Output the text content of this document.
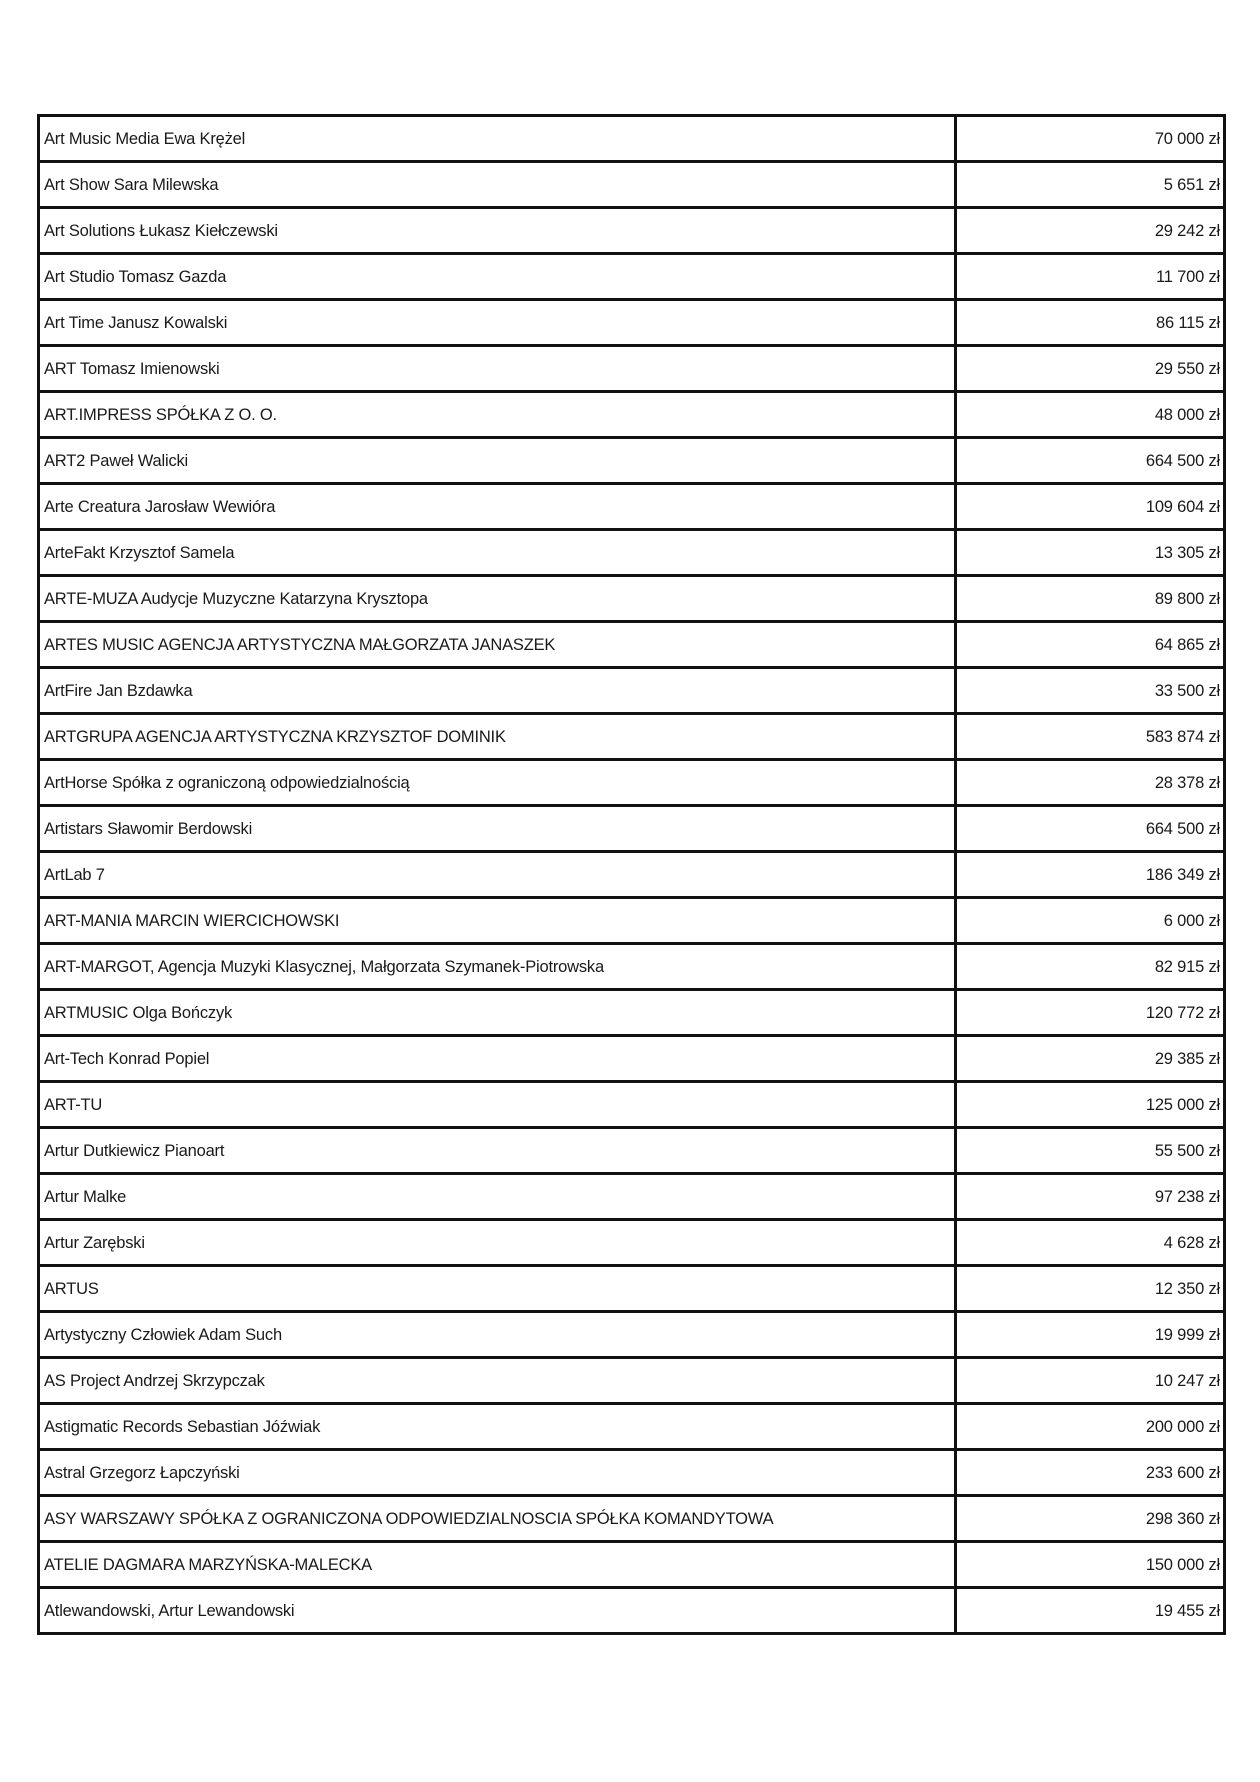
Art Music Media Ewa Krężel	70 000 zł
Art Show Sara Milewska	5 651 zł
Art Solutions Łukasz Kiełczewski	29 242 zł
Art Studio Tomasz Gazda	11 700 zł
Art Time Janusz Kowalski	86 115 zł
ART Tomasz Imienowski	29 550 zł
ART.IMPRESS SPÓŁKA Z O. O.	48 000 zł
ART2 Paweł Walicki	664 500 zł
Arte Creatura Jarosław Wewióra	109 604 zł
ArteFakt Krzysztof Samela	13 305 zł
ARTE-MUZA Audycje Muzyczne Katarzyna Krysztopa	89 800 zł
ARTES MUSIC AGENCJA ARTYSTYCZNA MAŁGORZATA JANASZEK	64 865 zł
ArtFire Jan Bzdawka	33 500 zł
ARTGRUPA AGENCJA ARTYSTYCZNA KRZYSZTOF DOMINIK	583 874 zł
ArtHorse Spółka z ograniczoną odpowiedzialnością	28 378 zł
Artistars Sławomir Berdowski	664 500 zł
ArtLab 7	186 349 zł
ART-MANIA MARCIN WIERCICHOWSKI	6 000 zł
ART-MARGOT, Agencja Muzyki Klasycznej, Małgorzata Szymanek-Piotrowska	82 915 zł
ARTMUSIC Olga Bończyk	120 772 zł
Art-Tech Konrad Popiel	29 385 zł
ART-TU	125 000 zł
Artur Dutkiewicz Pianoart	55 500 zł
Artur Malke	97 238 zł
Artur Zarębski	4 628 zł
ARTUS	12 350 zł
Artystyczny Człowiek Adam Such	19 999 zł
AS Project Andrzej Skrzypczak	10 247 zł
Astigmatic Records Sebastian Jóźwiak	200 000 zł
Astral Grzegorz Łapczyński	233 600 zł
ASY WARSZAWY SPÓŁKA Z OGRANICZONA ODPOWIEDZIALNOSCIA SPÓŁKA KOMANDYTOWA	298 360 zł
ATELIE DAGMARA MARZYŃSKA-MALECKA	150 000 zł
Atlewandowski, Artur Lewandowski	19 455 zł
